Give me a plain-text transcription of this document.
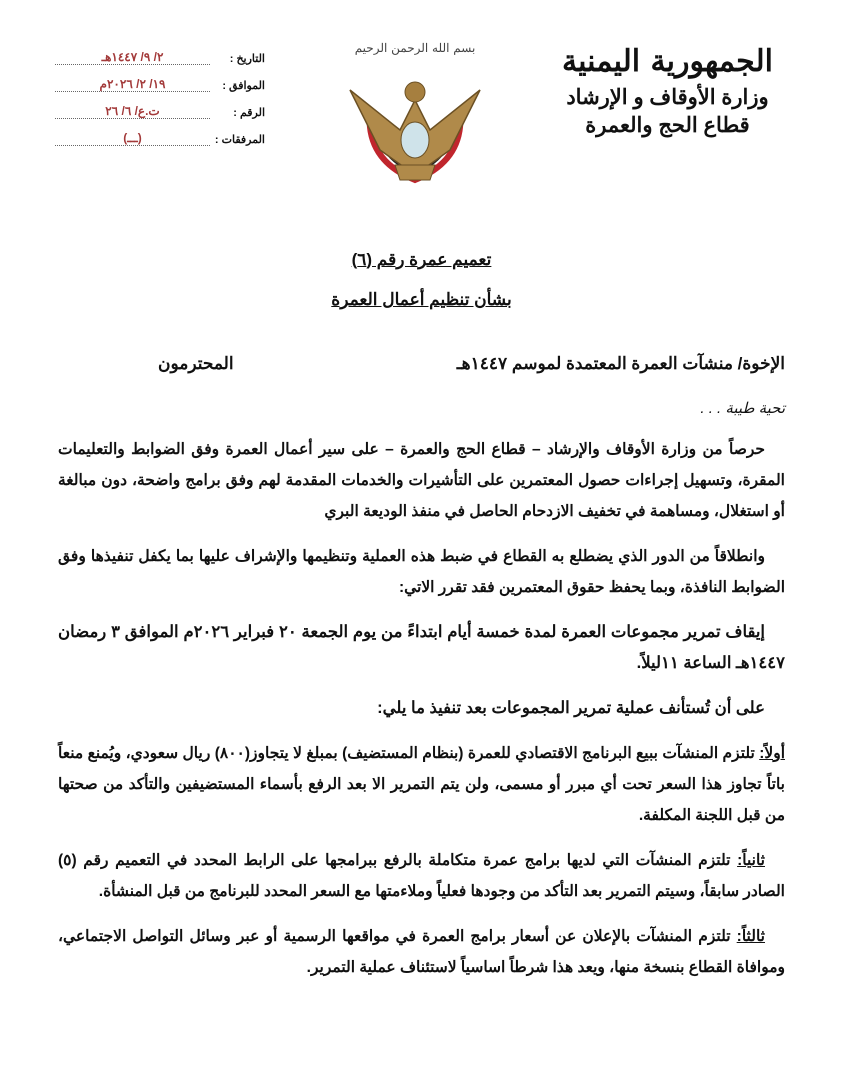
الجمهورية اليمنية
وزارة الأوقاف و الإرشاد
قطاع الحج والعمرة
بسم الله الرحمن الرحيم
التاريخ :
٢/ ٩/ ١٤٤٧هـ
الموافق :
١٩/ ٢/ ٢٠٢٦م
الرقم :
ت.ع/ ٦/ ٢٦
المرفقات :
(ـــ)
تعميم عمرة رقم (٦)
بشأن تنظيم أعمال العمرة
الإخوة/ منشآت العمرة المعتمدة لموسم ١٤٤٧هـ
المحترمون
تحية طيبة . . .
حرصاً من وزارة الأوقاف والإرشاد – قطاع الحج والعمرة – على سير أعمال العمرة وفق الضوابط والتعليمات المقرة، وتسهيل إجراءات حصول المعتمرين على التأشيرات والخدمات المقدمة لهم وفق برامج واضحة، دون مبالغة أو استغلال، ومساهمة في تخفيف الازدحام الحاصل في منفذ الوديعة البري
وانطلاقاً من الدور الذي يضطلع به القطاع في ضبط هذه العملية وتنظيمها والإشراف عليها بما يكفل تنفيذها وفق الضوابط النافذة، وبما يحفظ حقوق المعتمرين فقد تقرر الاتي:
إيقاف تمرير مجموعات العمرة لمدة خمسة أيام ابتداءً من يوم الجمعة ٢٠ فبراير ٢٠٢٦م الموافق ٣ رمضان ١٤٤٧هـ الساعة ١١ليلاً.
على أن تُستأنف عملية تمرير المجموعات بعد تنفيذ ما يلي:
أولاً: تلتزم المنشآت ببيع البرنامج الاقتصادي للعمرة (بنظام المستضيف) بمبلغ لا يتجاوز(٨٠٠) ريال سعودي، ويُمنع منعاً باتاً تجاوز هذا السعر تحت أي مبرر أو مسمى، ولن يتم التمرير الا بعد الرفع بأسماء المستضيفين والتأكد من صحتها من قبل اللجنة المكلفة.
ثانياً: تلتزم المنشآت التي لديها برامج عمرة متكاملة بالرفع ببرامجها على الرابط المحدد في التعميم رقم (٥) الصادر سابقاً، وسيتم التمرير بعد التأكد من وجودها فعلياً وملاءمتها مع السعر المحدد للبرنامج من قبل المنشأة.
ثالثاً: تلتزم المنشآت بالإعلان عن أسعار برامج العمرة في مواقعها الرسمية أو عبر وسائل التواصل الاجتماعي، وموافاة القطاع بنسخة منها، ويعد هذا شرطاً اساسياً لاستئناف عملية التمرير.
